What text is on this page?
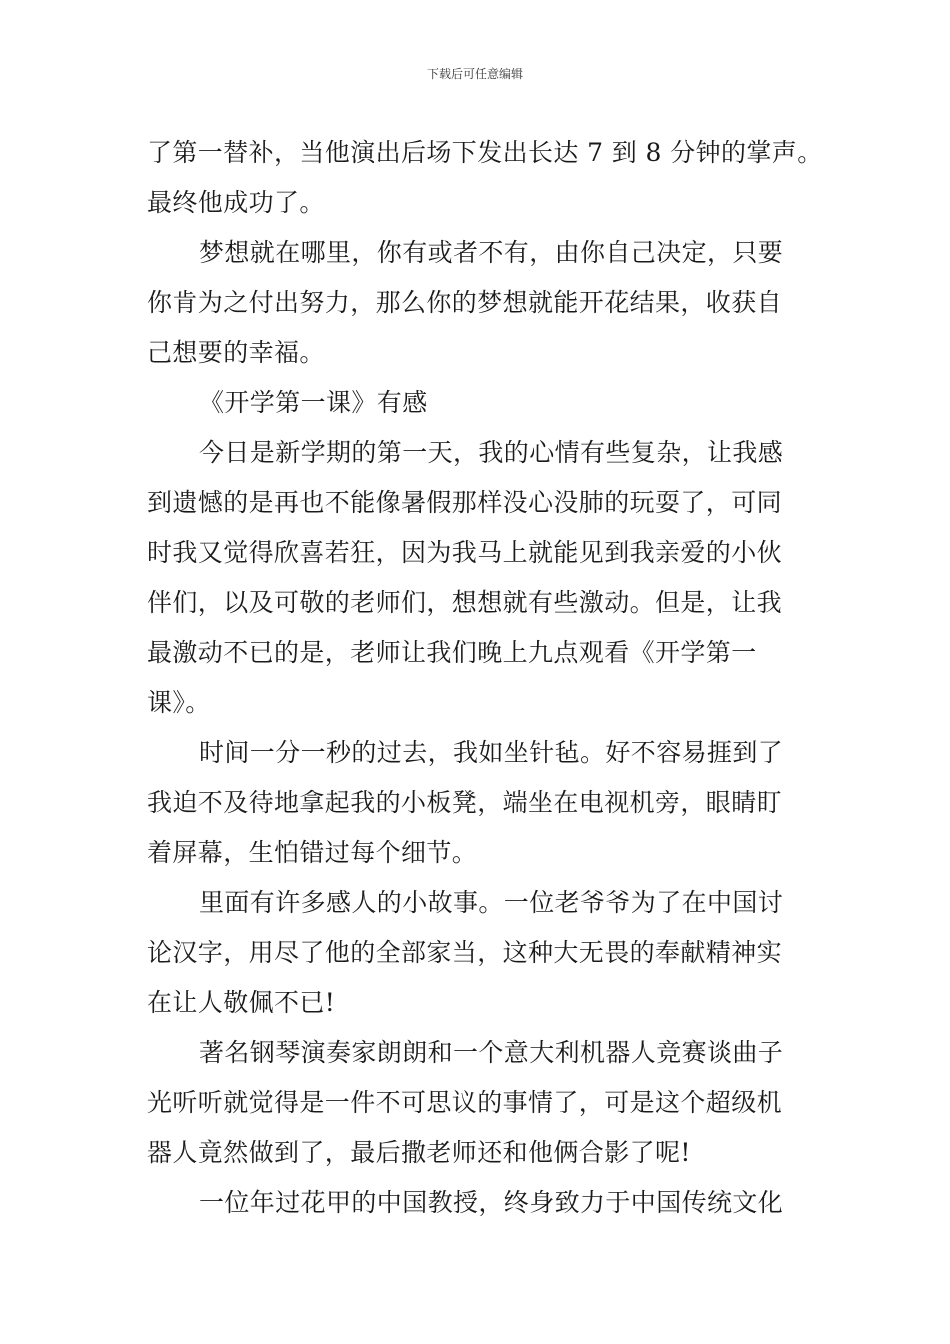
下载后可任意编辑
了第一替补，当他演出后场下发出长达 7 到 8 分钟的掌声。
最终他成功了。
梦想就在哪里，你有或者不有，由你自己决定，只要
你肯为之付出努力，那么你的梦想就能开花结果，收获自
己想要的幸福。
《开学第一课》有感
今日是新学期的第一天，我的心情有些复杂，让我感
到遗憾的是再也不能像暑假那样没心没肺的玩耍了，可同
时我又觉得欣喜若狂，因为我马上就能见到我亲爱的小伙
伴们，以及可敬的老师们，想想就有些激动。但是，让我
最激动不已的是，老师让我们晚上九点观看《开学第一
课》。
时间一分一秒的过去，我如坐针毡。好不容易捱到了
我迫不及待地拿起我的小板凳，端坐在电视机旁，眼睛盯
着屏幕，生怕错过每个细节。
里面有许多感人的小故事。一位老爷爷为了在中国讨
论汉字，用尽了他的全部家当，这种大无畏的奉献精神实
在让人敬佩不已!
著名钢琴演奏家朗朗和一个意大利机器人竞赛谈曲子
光听听就觉得是一件不可思议的事情了，可是这个超级机
器人竟然做到了，最后撒老师还和他俩合影了呢!
一位年过花甲的中国教授，终身致力于中国传统文化
